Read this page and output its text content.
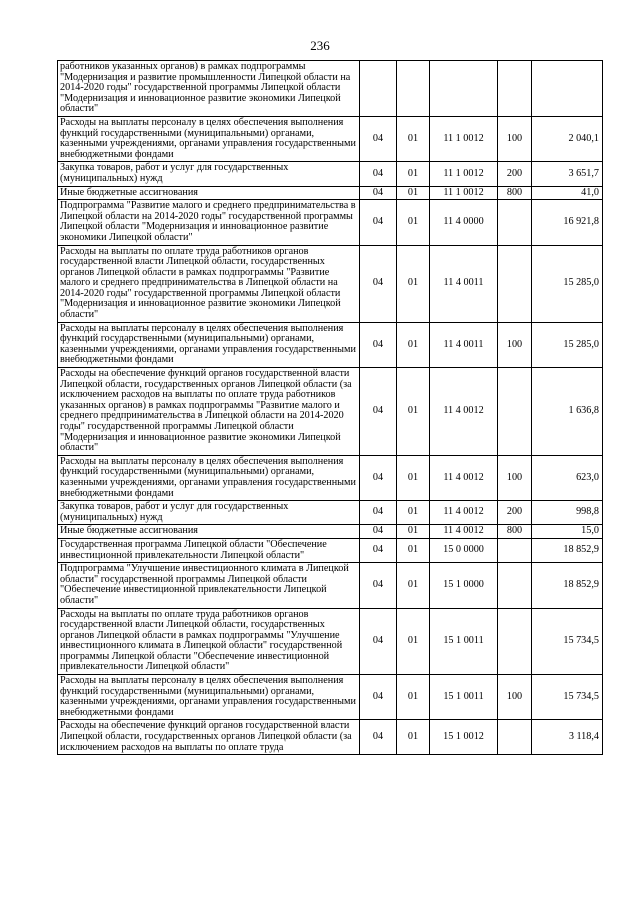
236
работников указанных органов) в рамках подпрограммы "Модернизация и развитие промышленности Липецкой области на 2014-2020 годы" государственной программы Липецкой области "Модернизация и инновационное развитие экономики Липецкой области"					
Расходы на выплаты персоналу в целях обеспечения выполнения функций государственными (муниципальными) органами, казенными учреждениями, органами управления государственными внебюджетными фондами	04	01	11 1 0012	100	2 040,1
Закупка товаров, работ и услуг для государственных (муниципальных) нужд	04	01	11 1 0012	200	3 651,7
Иные бюджетные ассигнования	04	01	11 1 0012	800	41,0
Подпрограмма "Развитие малого и среднего предпринимательства в Липецкой области на 2014-2020 годы" государственной программы Липецкой области "Модернизация и инновационное развитие экономики Липецкой области"	04	01	11 4 0000		16 921,8
Расходы на выплаты по оплате труда работников органов государственной власти Липецкой области, государственных органов Липецкой области в рамках подпрограммы "Развитие малого и среднего предпринимательства в Липецкой области на 2014-2020 годы" государственной программы Липецкой области "Модернизация и инновационное развитие экономики Липецкой области"	04	01	11 4 0011		15 285,0
Расходы на выплаты персоналу в целях обеспечения выполнения функций государственными (муниципальными) органами, казенными учреждениями, органами управления государственными внебюджетными фондами	04	01	11 4 0011	100	15 285,0
Расходы на обеспечение функций органов государственной власти Липецкой области, государственных органов Липецкой области (за исключением расходов на выплаты по оплате труда работников указанных органов) в рамках подпрограммы "Развитие малого и среднего предпринимательства в Липецкой области на 2014-2020 годы" государственной программы Липецкой области "Модернизация и инновационное развитие экономики Липецкой области"	04	01	11 4 0012		1 636,8
Расходы на выплаты персоналу в целях обеспечения выполнения функций государственными (муниципальными) органами, казенными учреждениями, органами управления государственными внебюджетными фондами	04	01	11 4 0012	100	623,0
Закупка товаров, работ и услуг для государственных (муниципальных) нужд	04	01	11 4 0012	200	998,8
Иные бюджетные ассигнования	04	01	11 4 0012	800	15,0
Государственная программа Липецкой области "Обеспечение инвестиционной привлекательности Липецкой области"	04	01	15 0 0000		18 852,9
Подпрограмма "Улучшение инвестиционного климата в Липецкой области" государственной программы Липецкой области "Обеспечение инвестиционной привлекательности Липецкой области"	04	01	15 1 0000		18 852,9
Расходы на выплаты по оплате труда работников органов государственной власти Липецкой области, государственных органов Липецкой области в рамках подпрограммы "Улучшение инвестиционного климата в Липецкой области" государственной программы Липецкой области "Обеспечение инвестиционной привлекательности Липецкой области"	04	01	15 1 0011		15 734,5
Расходы на выплаты персоналу в целях обеспечения выполнения функций государственными (муниципальными) органами, казенными учреждениями, органами управления государственными внебюджетными фондами	04	01	15 1 0011	100	15 734,5
Расходы на обеспечение функций органов государственной власти Липецкой области, государственных органов Липецкой области (за исключением расходов на выплаты по оплате труда	04	01	15 1 0012		3 118,4
